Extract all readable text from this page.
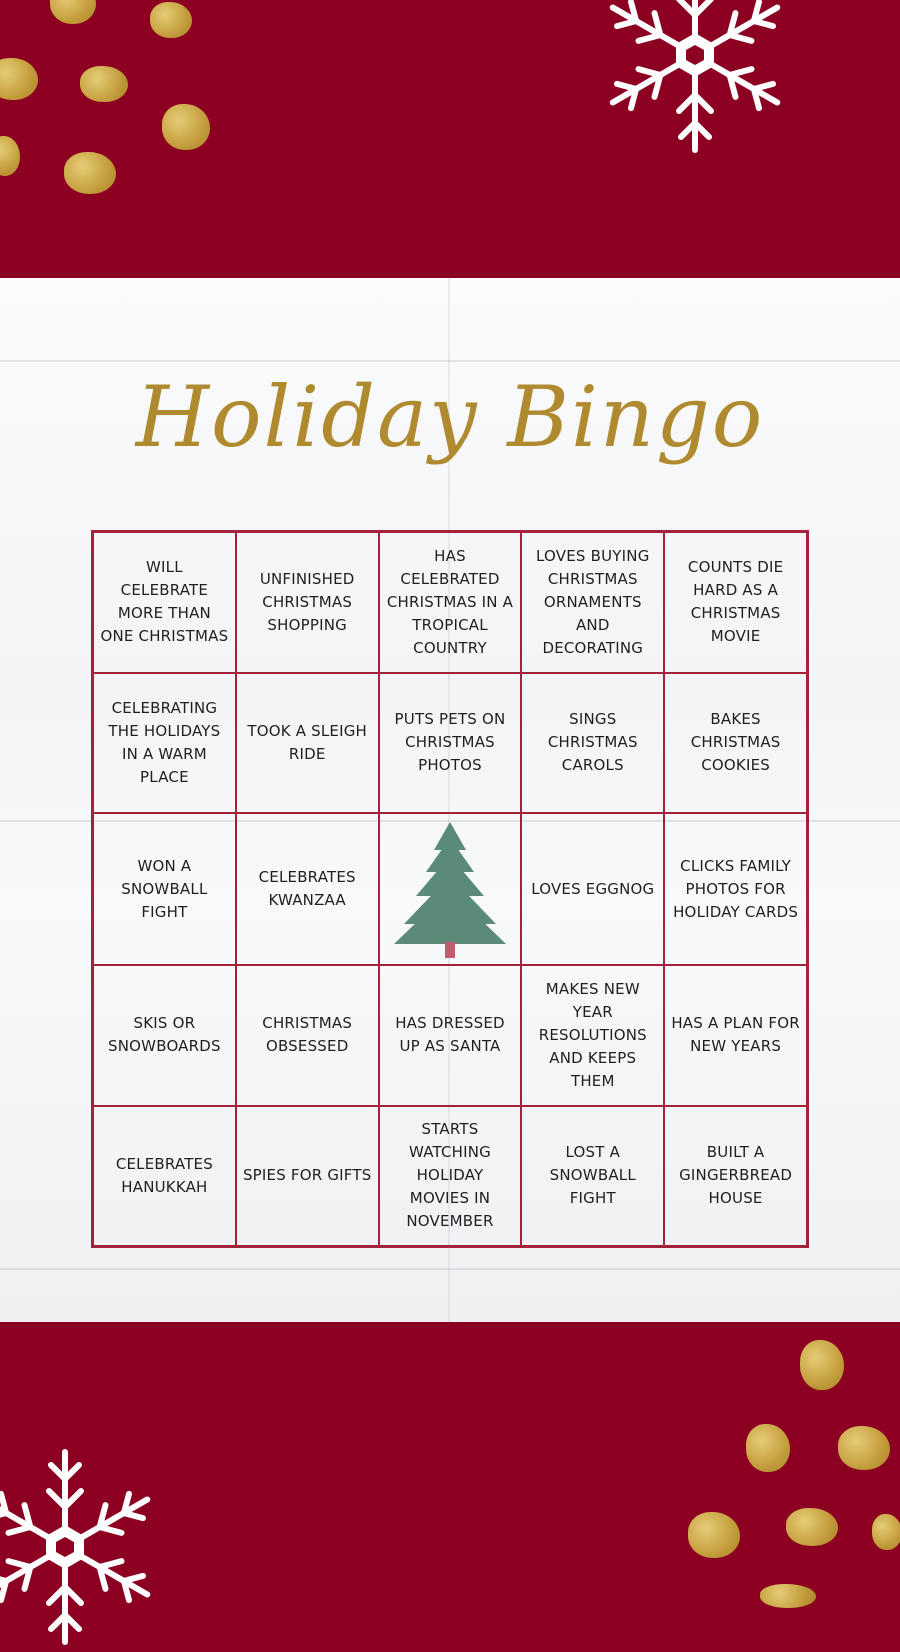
Holiday Bingo
WILL CELEBRATE MORE THAN ONE CHRISTMAS
UNFINISHED CHRISTMAS SHOPPING
HAS CELEBRATED CHRISTMAS IN A TROPICAL COUNTRY
LOVES BUYING CHRISTMAS ORNAMENTS AND DECORATING
COUNTS DIE HARD AS A CHRISTMAS MOVIE
CELEBRATING THE HOLIDAYS IN A WARM PLACE
TOOK A SLEIGH RIDE
PUTS PETS ON CHRISTMAS PHOTOS
SINGS CHRISTMAS CAROLS
BAKES CHRISTMAS COOKIES
WON A SNOWBALL FIGHT
CELEBRATES KWANZAA
LOVES EGGNOG
CLICKS FAMILY PHOTOS FOR HOLIDAY CARDS
SKIS OR SNOWBOARDS
CHRISTMAS OBSESSED
HAS DRESSED UP AS SANTA
MAKES NEW YEAR RESOLUTIONS AND KEEPS THEM
HAS A PLAN FOR NEW YEARS
CELEBRATES HANUKKAH
SPIES FOR GIFTS
STARTS WATCHING HOLIDAY MOVIES IN NOVEMBER
LOST A SNOWBALL FIGHT
BUILT A GINGERBREAD HOUSE
